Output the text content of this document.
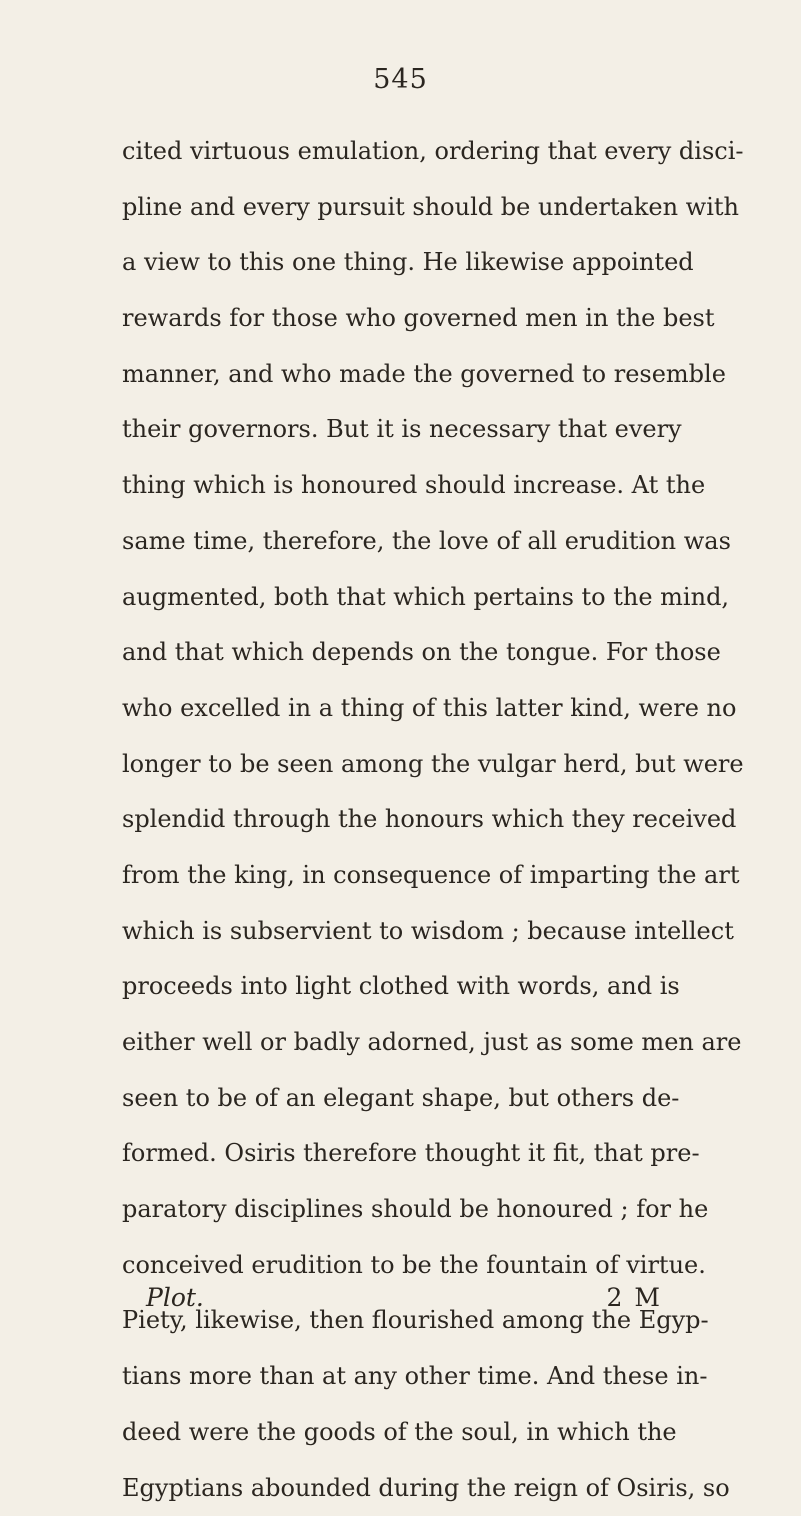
545
cited virtuous emulation, ordering that every disci-
pline and every pursuit should be undertaken with
a view to this one thing. He likewise appointed
rewards for those who governed men in the best
manner, and who made the governed to resemble
their governors. But it is necessary that every
thing which is honoured should increase. At the
same time, therefore, the love of all erudition was
augmented, both that which pertains to the mind,
and that which depends on the tongue. For those
who excelled in a thing of this latter kind, were no
longer to be seen among the vulgar herd, but were
splendid through the honours which they received
from the king, in consequence of imparting the art
which is subservient to wisdom ; because intellect
proceeds into light clothed with words, and is
either well or badly adorned, just as some men are
seen to be of an elegant shape, but others de-
formed. Osiris therefore thought it fit, that pre-
paratory disciplines should be honoured ; for he
conceived erudition to be the fountain of virtue.
Piety, likewise, then flourished among the Egyp-
tians more than at any other time. And these in-
deed were the goods of the soul, in which the
Egyptians abounded during the reign of Osiris, so
Plot.	2 M
